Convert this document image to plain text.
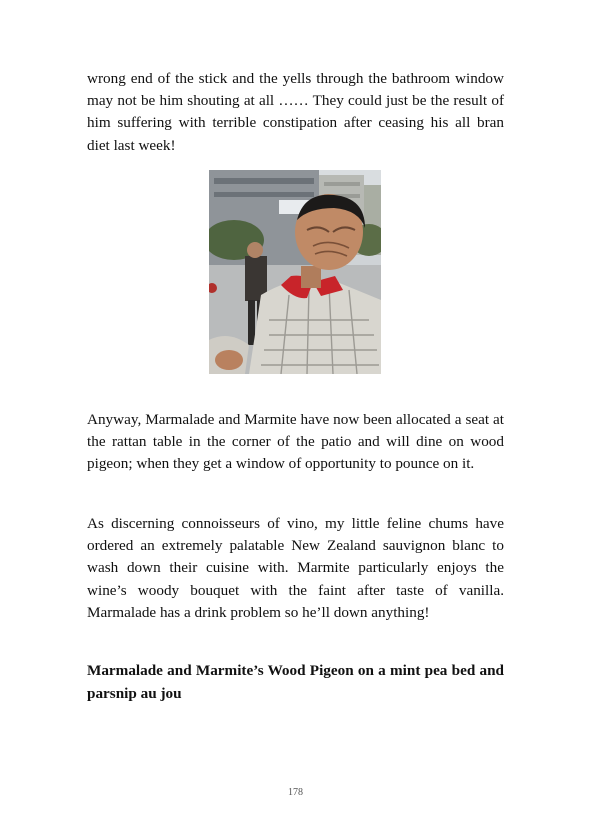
wrong end of the stick and the yells through the bathroom window may not be him shouting at all …… They could just be the result of him suffering with terrible constipation after ceasing his all bran diet last week!

Anyway, Marmalade and Marmite have now been allocated a seat at the rattan table in the corner of the patio and will dine on wood pigeon; when they get a window of opportunity to pounce on it.

As discerning connoisseurs of vino, my little feline chums have ordered an extremely palatable New Zealand sauvignon blanc to wash down their cuisine with. Marmite particularly enjoys the wine’s woody bouquet with the faint after taste of vanilla. Marmalade has a drink problem so he’ll down anything!

Marmalade and Marmite’s Wood Pigeon on a mint pea bed and parsnip au jou

178
